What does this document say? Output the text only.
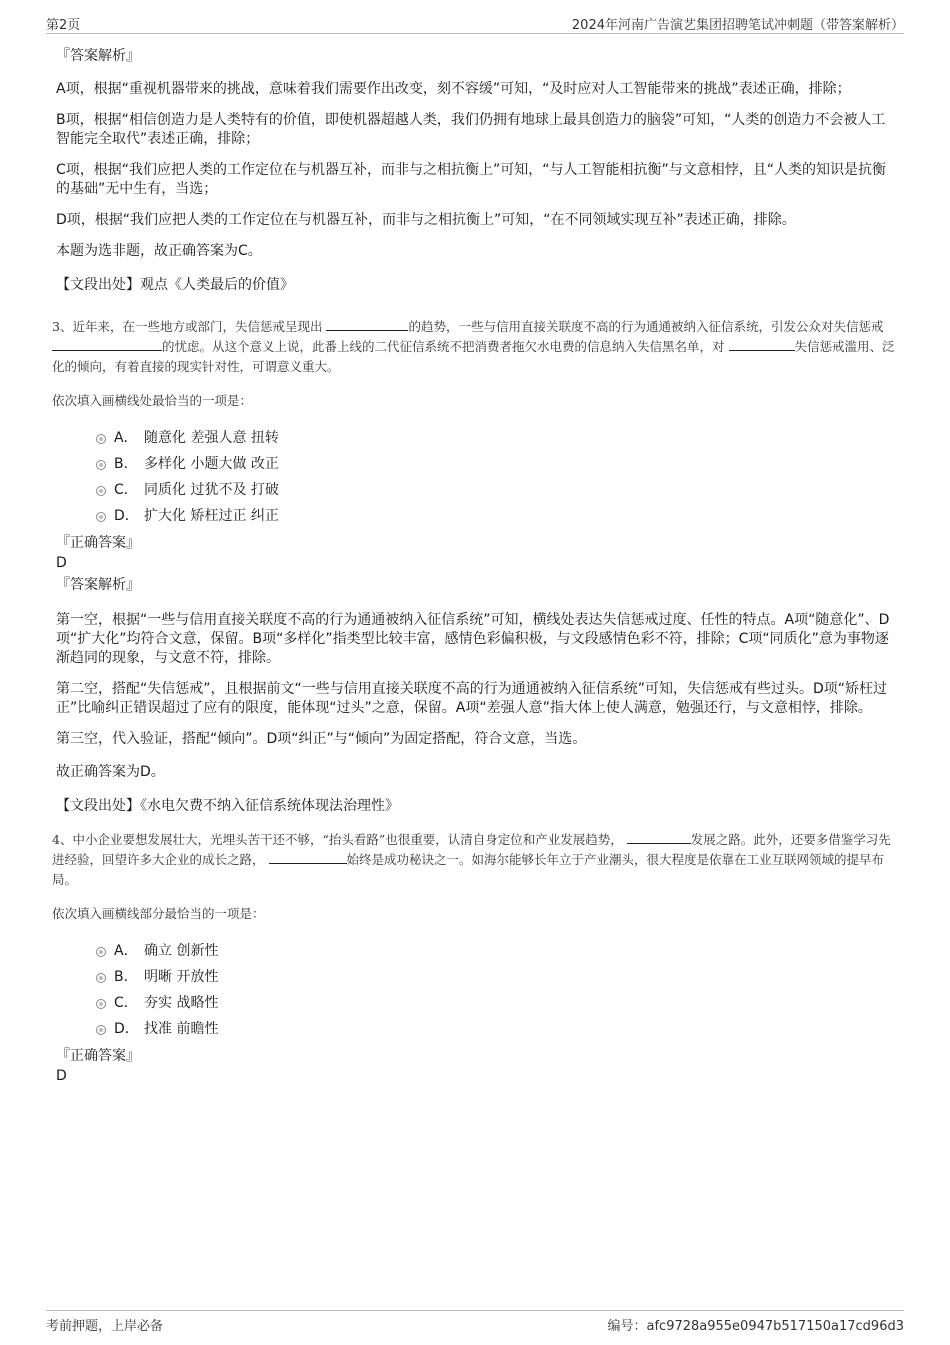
第2页	2024年河南广告演艺集团招聘笔试冲刺题（带答案解析）
『答案解析』
A项，根据“重视机器带来的挑战，意味着我们需要作出改变，刻不容缓”可知，“及时应对人工智能带来的挑战”表述正确，排除；
B项，根据“相信创造力是人类特有的价值，即使机器超越人类，我们仍拥有地球上最具创造力的脑袋”可知，“人类的创造力不会被人工智能完全取代”表述正确，排除；
C项，根据“我们应把人类的工作定位在与机器互补，而非与之相抗衡上”可知，“与人工智能相抗衡”与文意相悖，且“人类的知识是抗衡的基础”无中生有，当选；
D项，根据“我们应把人类的工作定位在与机器互补，而非与之相抗衡上”可知，“在不同领域实现互补”表述正确，排除。
本题为选非题，故正确答案为C。
【文段出处】观点《人类最后的价值》
3、近年来，在一些地方或部门，失信惩戒呈现出	的趋势，一些与信用直接关联度不高的行为通通被纳入征信系统，引发公众对失信惩戒 的忧虑。从这个意义上说，此番上线的二代征信系统不把消费者拖欠水电费的信息纳入失信黑名单，对	失信惩戒滥用、泛化的倾向，有着直接的现实针对性，可谓意义重大。
依次填入画横线处最恰当的一项是：
A． 随意化 差强人意 扭转
B． 多样化 小题大做 改正
C． 同质化 过犹不及 打破
D． 扩大化 矫枉过正 纠正
『正确答案』
D
『答案解析』
第一空，根据“一些与信用直接关联度不高的行为通通被纳入征信系统”可知，横线处表达失信惩戒过度、任性的特点。A项“随意化”、D项“扩大化”均符合文意，保留。B项“多样化”指类型比较丰富，感情色彩偏积极，与文段感情色彩不符，排除；C项“同质化”意为事物逐渐趋同的现象，与文意不符，排除。
第二空，搭配“失信惩戒”，且根据前文“一些与信用直接关联度不高的行为通通被纳入征信系统”可知，失信惩戒有些过头。D项“矫枉过正”比喻纠正错误超过了应有的限度，能体现“过头”之意，保留。A项“差强人意”指大体上使人满意，勉强还行，与文意相悖，排除。
第三空，代入验证，搭配“倾向”。D项“纠正”与“倾向”为固定搭配，符合文意，当选。
故正确答案为D。
【文段出处】《水电欠费不纳入征信系统体现法治理性》
4、中小企业要想发展壮大，光埋头苦干还不够，“抬头看路”也很重要，认清自身定位和产业发展趋势，	发展之路。此外，还要多借鉴学习先进经验，回望许多大企业的成长之路，	始终是成功秘诀之一。如海尔能够长年立于产业潮头，很大程度是依靠在工业互联网领域的提早布局。
依次填入画横线部分最恰当的一项是：
A． 确立 创新性
B． 明晰 开放性
C． 夯实 战略性
D． 找准 前瞻性
『正确答案』
D
考前押题，上岸必备	编号：afc9728a955e0947b517150a17cd96d3
